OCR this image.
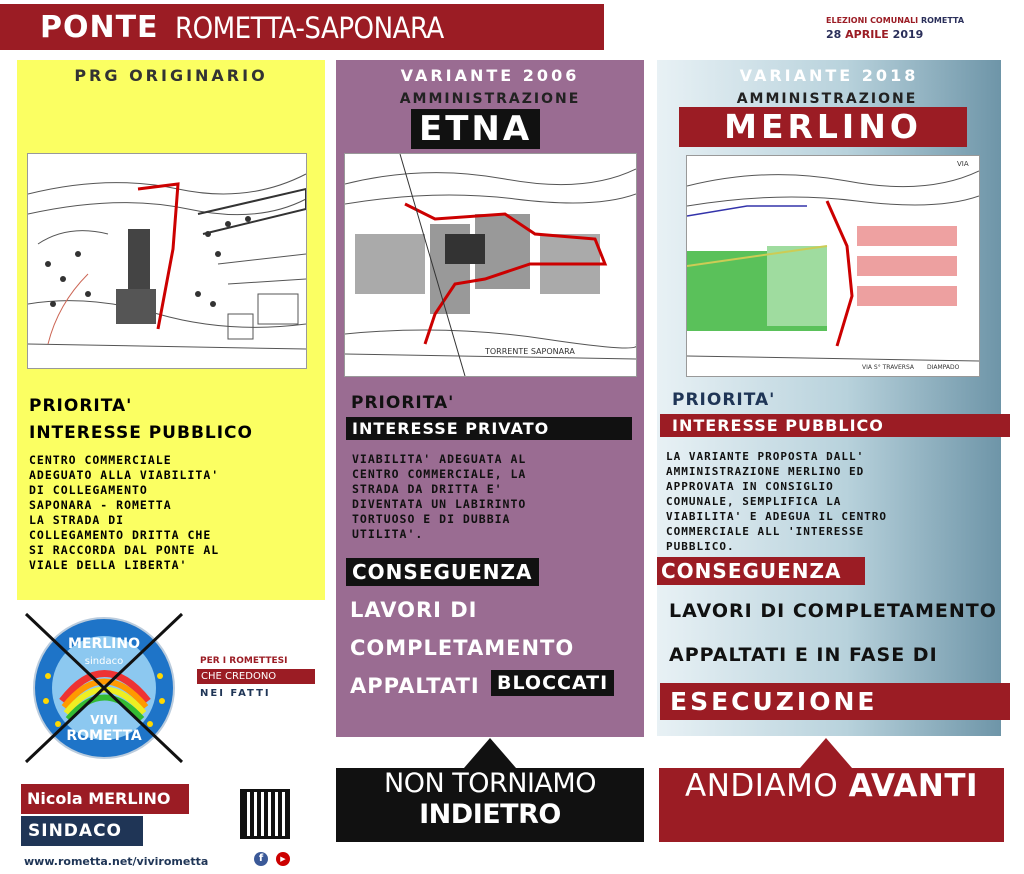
PONTE ROMETTA-SAPONARA	ELEZIONI COMUNALI ROMETTA
28 APRILE 2019
PRG ORIGINARIO
PRIORITA'
INTERESSE PUBBLICO
CENTRO COMMERCIALE
ADEGUATO ALLA VIABILITA'
DI COLLEGAMENTO
SAPONARA - ROMETTA
LA STRADA DI
COLLEGAMENTO DRITTA CHE
SI RACCORDA DAL PONTE AL
VIALE DELLA LIBERTA'
VARIANTE 2006
AMMINISTRAZIONE
ETNA
TORRENTE SAPONARA
PRIORITA'
INTERESSE PRIVATO
VIABILITA' ADEGUATA AL
CENTRO COMMERCIALE, LA
STRADA DA DRITTA E'
DIVENTATA UN LABIRINTO
TORTUOSO E DI DUBBIA
UTILITA'.
CONSEGUENZA
LAVORI DI
COMPLETAMENTO
APPALTATI BLOCCATI
VARIANTE 2018
AMMINISTRAZIONE
MERLINO
VIA
VIA S° TRAVERSA DIAMPADO
PRIORITA'
INTERESSE PUBBLICO
LA VARIANTE PROPOSTA DALL'
AMMINISTRAZIONE MERLINO ED
APPROVATA IN CONSIGLIO
COMUNALE, SEMPLIFICA LA
VIABILITA' E ADEGUA IL CENTRO
COMMERCIALE ALL 'INTERESSE
PUBBLICO.
CONSEGUENZA
LAVORI DI COMPLETAMENTO
APPALTATI E IN FASE DI
ESECUZIONE
MERLINO
sindaco
VIVI
ROMETTA
PER I ROMETTESI
CHE CREDONO
NEI FATTI
Nicola MERLINO
SINDACO
www.rometta.net/vivirometta	f	▶
NON TORNIAMO INDIETRO
ANDIAMO AVANTI
